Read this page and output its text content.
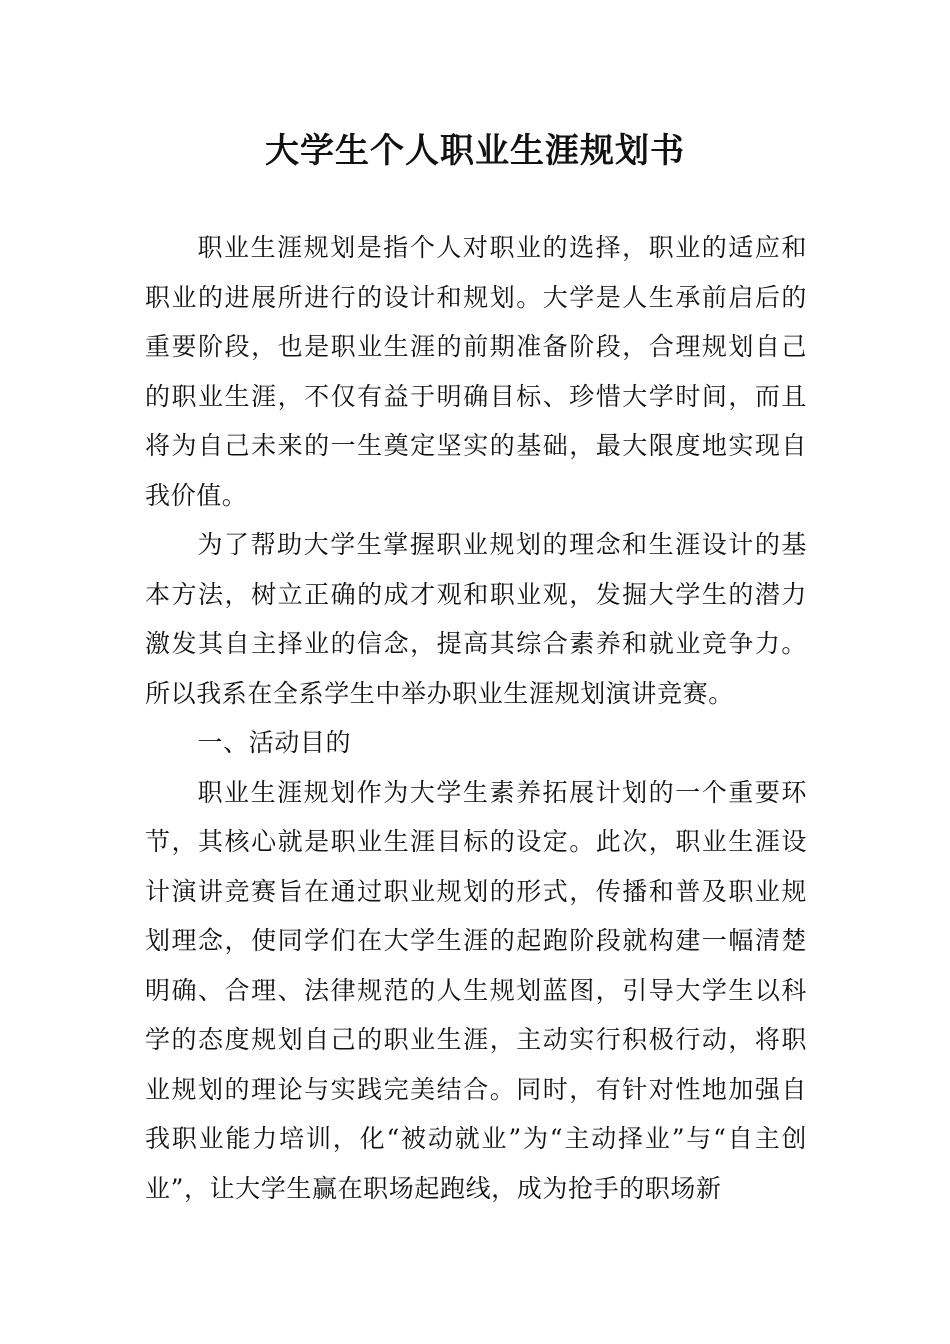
大学生个人职业生涯规划书

职业生涯规划是指个人对职业的选择，职业的适应和职业的进展所进行的设计和规划。大学是人生承前启后的重要阶段，也是职业生涯的前期准备阶段，合理规划自己的职业生涯，不仅有益于明确目标、珍惜大学时间，而且将为自己未来的一生奠定坚实的基础，最大限度地实现自我价值。

为了帮助大学生掌握职业规划的理念和生涯设计的基本方法，树立正确的成才观和职业观，发掘大学生的潜力激发其自主择业的信念，提高其综合素养和就业竞争力。所以我系在全系学生中举办职业生涯规划演讲竞赛。

一、活动目的

职业生涯规划作为大学生素养拓展计划的一个重要环节，其核心就是职业生涯目标的设定。此次，职业生涯设计演讲竞赛旨在通过职业规划的形式，传播和普及职业规划理念，使同学们在大学生涯的起跑阶段就构建一幅清楚明确、合理、法律规范的人生规划蓝图，引导大学生以科学的态度规划自己的职业生涯，主动实行积极行动，将职业规划的理论与实践完美结合。同时，有针对性地加强自我职业能力培训，化“被动就业”为“主动择业”与“自主创业”，让大学生赢在职场起跑线，成为抢手的职场新
